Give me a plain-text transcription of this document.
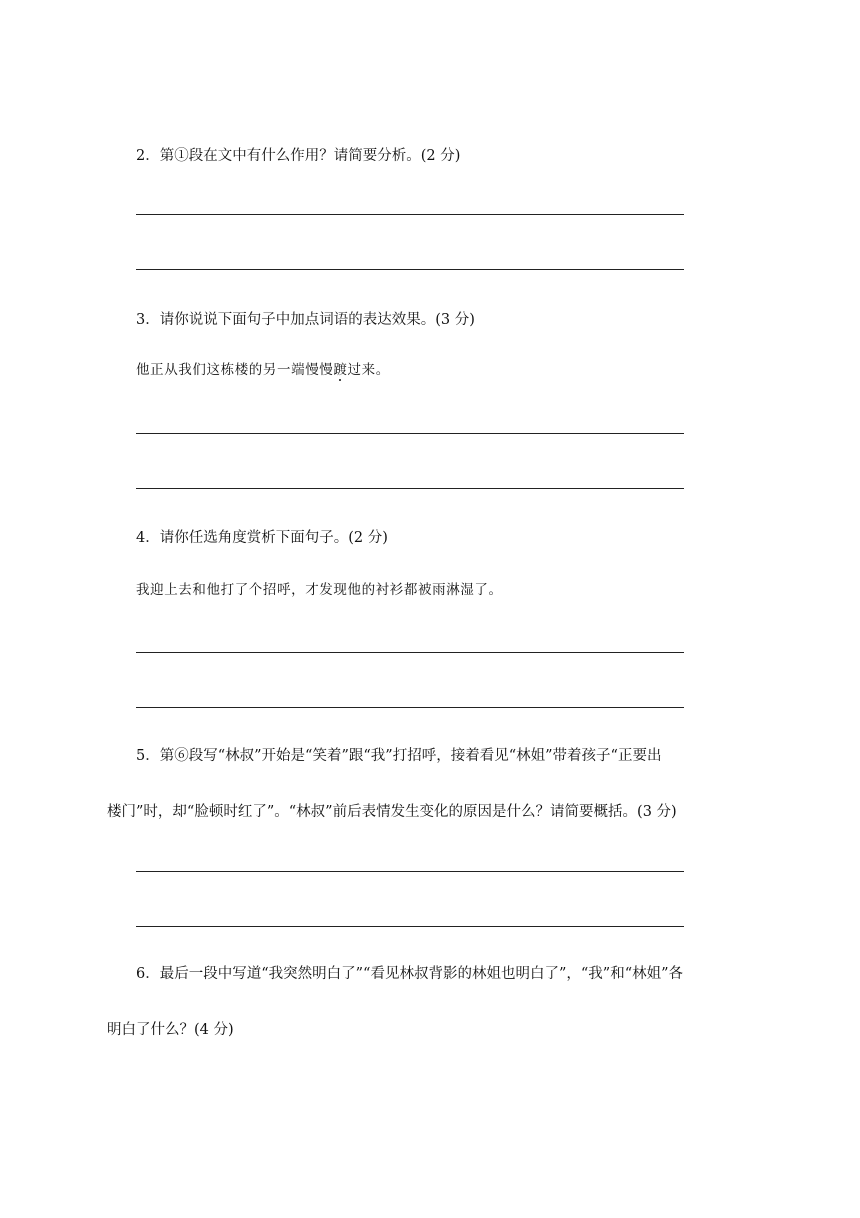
2．第①段在文中有什么作用？请简要分析。(2 分)
3．请你说说下面句子中加点词语的表达效果。(3 分)
他正从我们这栋楼的另一端慢慢踱过来。
4．请你任选角度赏析下面句子。(2 分)
我迎上去和他打了个招呼，才发现他的衬衫都被雨淋湿了。
5．第⑥段写“林叔”开始是“笑着”跟“我”打招呼，接着看见“林姐”带着孩子“正要出
楼门”时，却“脸顿时红了”。“林叔”前后表情发生变化的原因是什么？请简要概括。(3 分)
6．最后一段中写道“我突然明白了”“看见林叔背影的林姐也明白了”，“我”和“林姐”各
明白了什么？(4 分)
